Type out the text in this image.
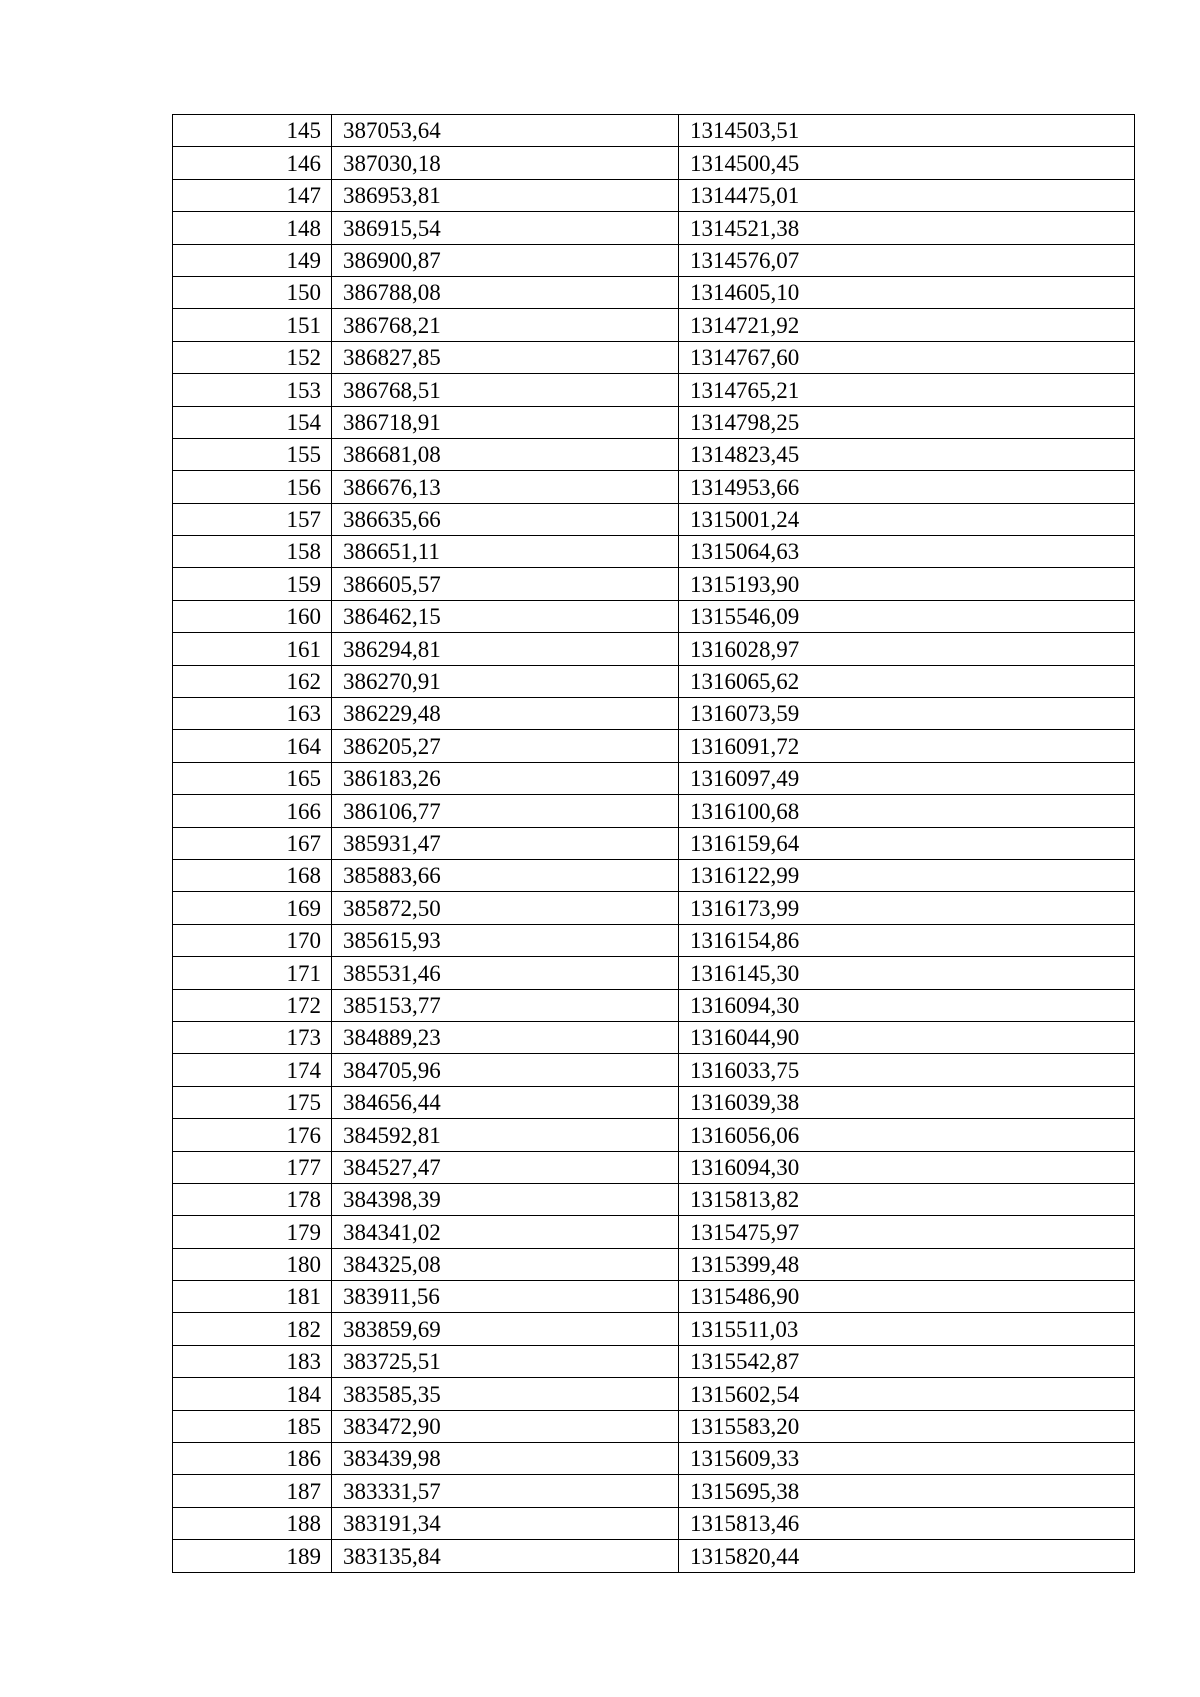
145	387053,64	1314503,51
146	387030,18	1314500,45
147	386953,81	1314475,01
148	386915,54	1314521,38
149	386900,87	1314576,07
150	386788,08	1314605,10
151	386768,21	1314721,92
152	386827,85	1314767,60
153	386768,51	1314765,21
154	386718,91	1314798,25
155	386681,08	1314823,45
156	386676,13	1314953,66
157	386635,66	1315001,24
158	386651,11	1315064,63
159	386605,57	1315193,90
160	386462,15	1315546,09
161	386294,81	1316028,97
162	386270,91	1316065,62
163	386229,48	1316073,59
164	386205,27	1316091,72
165	386183,26	1316097,49
166	386106,77	1316100,68
167	385931,47	1316159,64
168	385883,66	1316122,99
169	385872,50	1316173,99
170	385615,93	1316154,86
171	385531,46	1316145,30
172	385153,77	1316094,30
173	384889,23	1316044,90
174	384705,96	1316033,75
175	384656,44	1316039,38
176	384592,81	1316056,06
177	384527,47	1316094,30
178	384398,39	1315813,82
179	384341,02	1315475,97
180	384325,08	1315399,48
181	383911,56	1315486,90
182	383859,69	1315511,03
183	383725,51	1315542,87
184	383585,35	1315602,54
185	383472,90	1315583,20
186	383439,98	1315609,33
187	383331,57	1315695,38
188	383191,34	1315813,46
189	383135,84	1315820,44
